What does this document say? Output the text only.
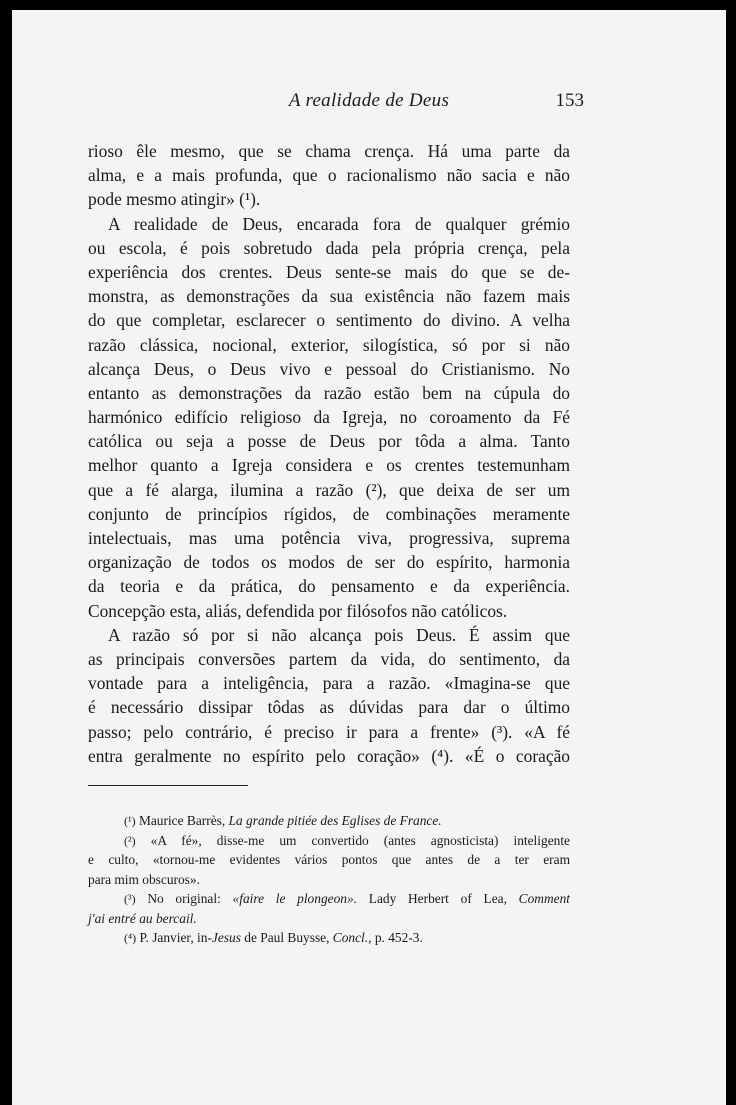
A realidade de Deus	153
rioso êle mesmo, que se chama crença. Há uma parte da
alma, e a mais profunda, que o racionalismo não sacia e não
pode mesmo atingir» (¹).
A realidade de Deus, encarada fora de qualquer grémio
ou escola, é pois sobretudo dada pela própria crença, pela
experiência dos crentes. Deus sente-se mais do que se de-
monstra, as demonstrações da sua existência não fazem mais
do que completar, esclarecer o sentimento do divino. A velha
razão clássica, nocional, exterior, silogística, só por si não
alcança Deus, o Deus vivo e pessoal do Cristianismo. No
entanto as demonstrações da razão estão bem na cúpula do
harmónico edifício religioso da Igreja, no coroamento da Fé
católica ou seja a posse de Deus por tôda a alma. Tanto
melhor quanto a Igreja considera e os crentes testemunham
que a fé alarga, ilumina a razão (²), que deixa de ser um
conjunto de princípios rígidos, de combinações meramente
intelectuais, mas uma potência viva, progressiva, suprema
organização de todos os modos de ser do espírito, harmonia
da teoria e da prática, do pensamento e da experiência.
Concepção esta, aliás, defendida por filósofos não católicos.
A razão só por si não alcança pois Deus. É assim que
as principais conversões partem da vida, do sentimento, da
vontade para a inteligência, para a razão. «Imagina-se que
é necessário dissipar tôdas as dúvidas para dar o último
passo; pelo contrário, é preciso ir para a frente» (³). «A fé
entra geralmente no espírito pelo coração» (⁴). «É o coração
(¹) Maurice Barrès, La grande pitiée des Eglises de France.
(²) «A fé», disse-me um convertido (antes agnosticista) inteligente
e culto, «tornou-me evidentes vários pontos que antes de a ter eram
para mim obscuros».
(³) No original: «faire le plongeon». Lady Herbert of Lea, Comment
j'ai entré au bercail.
(⁴) P. Janvier, in-Jesus de Paul Buysse, Concl., p. 452-3.
